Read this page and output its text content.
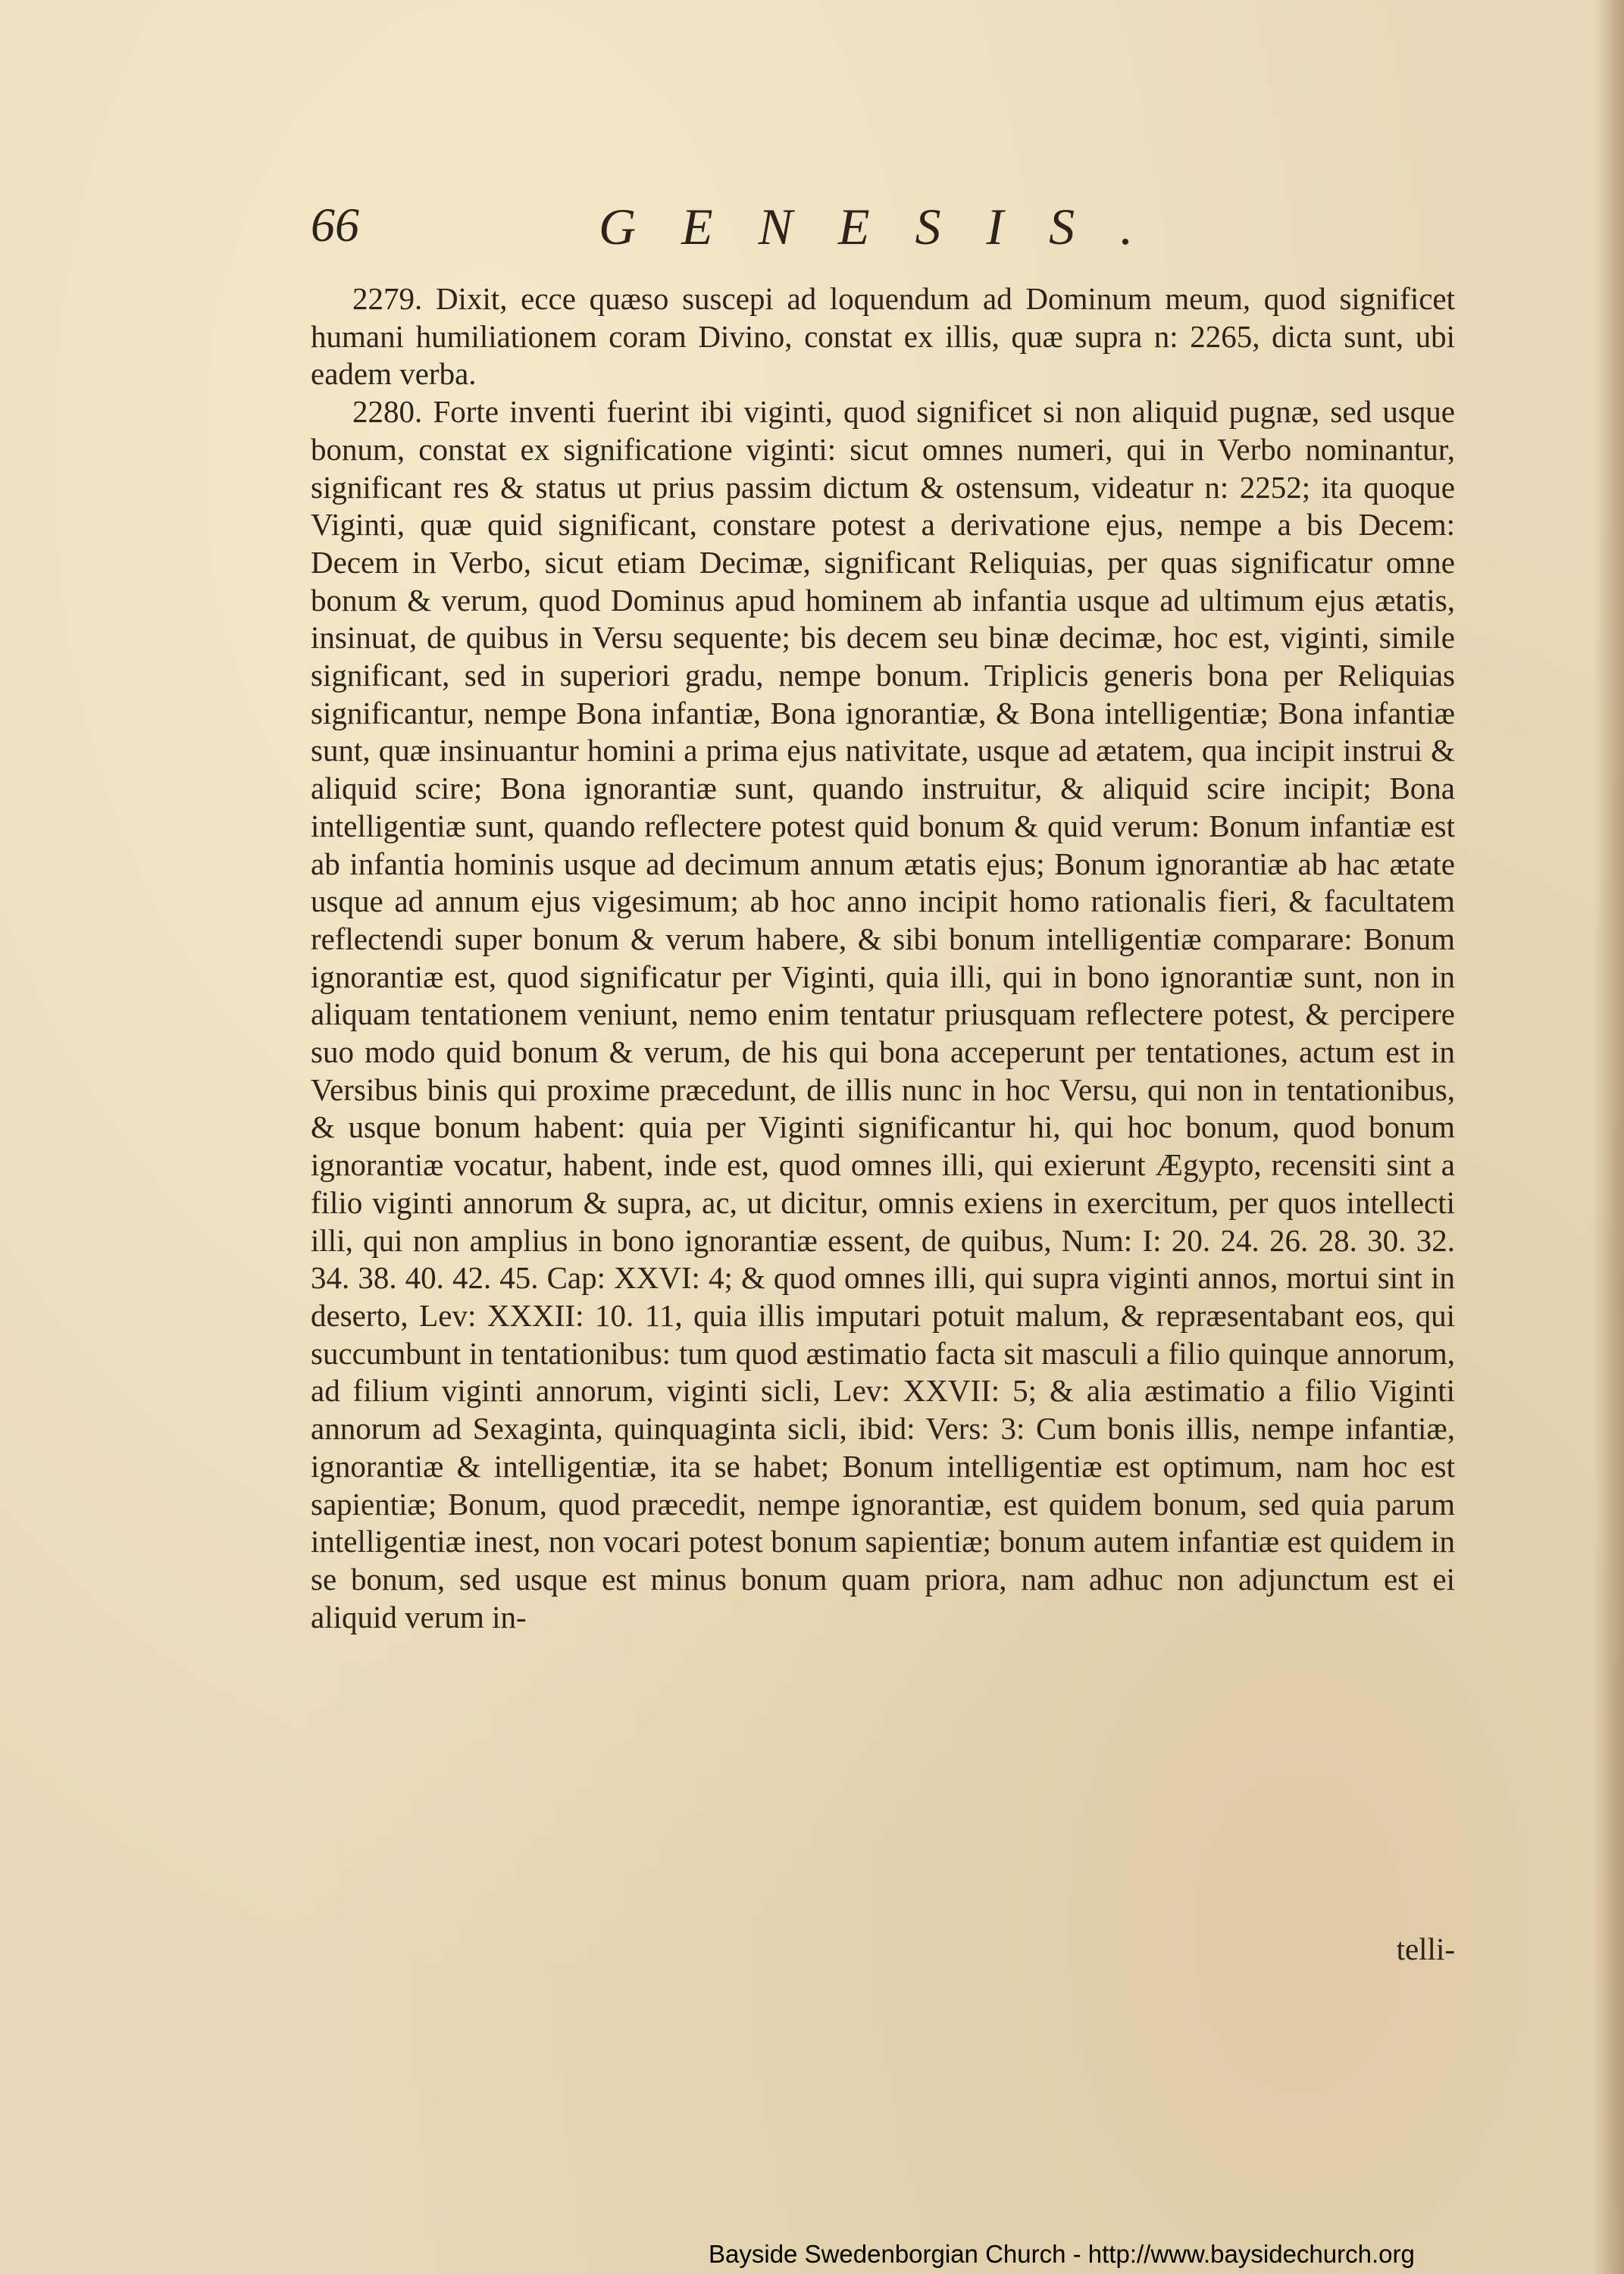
66	GENESIS.

2279. Dixit, ecce quæso suscepi ad loquendum ad Dominum meum, quod significet humani humiliationem coram Divino, constat ex illis, quæ supra n: 2265, dicta sunt, ubi eadem verba.

2280. Forte inventi fuerint ibi viginti, quod significet si non aliquid pugnæ, sed usque bonum, constat ex significatione viginti: sicut omnes numeri, qui in Verbo nominantur, significant res & status ut prius passim dictum & ostensum, videatur n: 2252; ita quoque Viginti, quæ quid significant, constare potest a derivatione ejus, nempe a bis Decem: Decem in Verbo, sicut etiam Decimæ, significant Reliquias, per quas significatur omne bonum & verum, quod Dominus apud hominem ab infantia usque ad ultimum ejus ætatis, insinuat, de quibus in Versu sequente; bis decem seu binæ decimæ, hoc est, viginti, simile significant, sed in superiori gradu, nempe bonum. Triplicis generis bona per Reliquias significantur, nempe Bona infantiæ, Bona ignorantiæ, & Bona intelligentiæ; Bona infantiæ sunt, quæ insinuantur homini a prima ejus nativitate, usque ad ætatem, qua incipit instrui & aliquid scire; Bona ignorantiæ sunt, quando instruitur, & aliquid scire incipit; Bona intelligentiæ sunt, quando reflectere potest quid bonum & quid verum: Bonum infantiæ est ab infantia hominis usque ad decimum annum ætatis ejus; Bonum ignorantiæ ab hac ætate usque ad annum ejus vigesimum; ab hoc anno incipit homo rationalis fieri, & facultatem reflectendi super bonum & verum habere, & sibi bonum intelligentiæ comparare: Bonum ignorantiæ est, quod significatur per Viginti, quia illi, qui in bono ignorantiæ sunt, non in aliquam tentationem veniunt, nemo enim tentatur priusquam reflectere potest, & percipere suo modo quid bonum & verum, de his qui bona acceperunt per tentationes, actum est in Versibus binis qui proxime præcedunt, de illis nunc in hoc Versu, qui non in tentationibus, & usque bonum habent: quia per Viginti significantur hi, qui hoc bonum, quod bonum ignorantiæ vocatur, habent, inde est, quod omnes illi, qui exierunt Ægypto, recensiti sint a filio viginti annorum & supra, ac, ut dicitur, omnis exiens in exercitum, per quos intellecti illi, qui non amplius in bono ignorantiæ essent, de quibus, Num: I: 20. 24. 26. 28. 30. 32. 34. 38. 40. 42. 45. Cap: XXVI: 4; & quod omnes illi, qui supra viginti annos, mortui sint in deserto, Lev: XXXII: 10. 11, quia illis imputari potuit malum, & repræsentabant eos, qui succumbunt in tentationibus: tum quod æstimatio facta sit masculi a filio quinque annorum, ad filium viginti annorum, viginti sicli, Lev: XXVII: 5; & alia æstimatio a filio Viginti annorum ad Sexaginta, quinquaginta sicli, ibid: Vers: 3: Cum bonis illis, nempe infantiæ, ignorantiæ & intelligentiæ, ita se habet; Bonum intelligentiæ est optimum, nam hoc est sapientiæ; Bonum, quod præcedit, nempe ignorantiæ, est quidem bonum, sed quia parum intelligentiæ inest, non vocari potest bonum sapientiæ; bonum autem infantiæ est quidem in se bonum, sed usque est minus bonum quam priora, nam adhuc non adjunctum est ei aliquid verum in-

telli-
Bayside Swedenborgian Church - http://www.baysidechurch.org
